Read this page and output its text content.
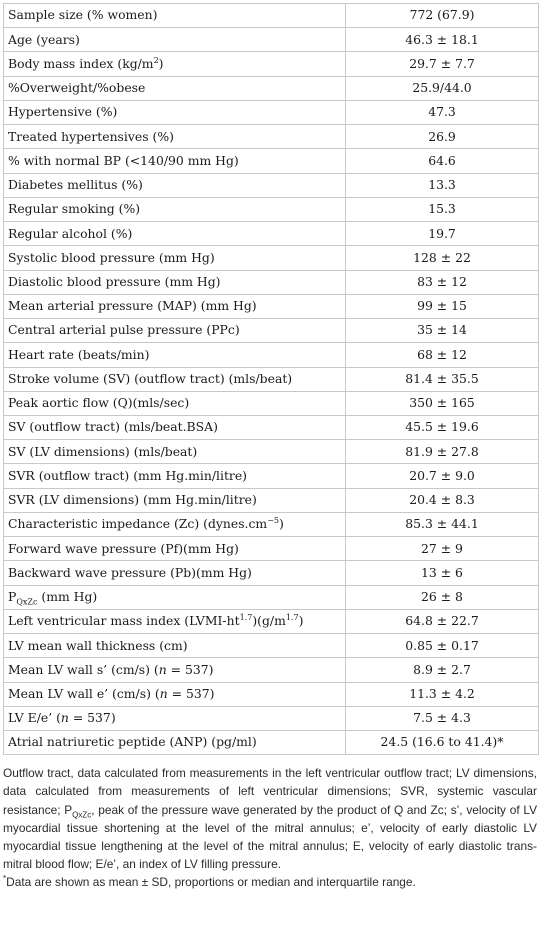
Sample size (% women)	772 (67.9)
Age (years)	46.3 ± 18.1
Body mass index $(kg/m^2)$	29.7 ± 7.7
%Overweight/%obese	25.9/44.0
Hypertensive (%)	47.3
Treated hypertensives (%)	26.9
% with normal BP (<140/90 mm Hg)	64.6
Diabetes mellitus (%)	13.3
Regular smoking (%)	15.3
Regular alcohol (%)	19.7
Systolic blood pressure (mm Hg)	128 ± 22
Diastolic blood pressure (mm Hg)	83 ± 12
Mean arterial pressure (MAP) (mm Hg)	99 ± 15
Central arterial pulse pressure (PPc)	35 ± 14
Heart rate (beats/min)	68 ± 12
Stroke volume (SV) (outflow tract) (mls/beat)	81.4 ± 35.5
Peak aortic flow (Q)(mls/sec)	350 ± 165
SV (outflow tract) (mls/beat.BSA)	45.5 ± 19.6
SV (LV dimensions) (mls/beat)	81.9 ± 27.8
SVR (outflow tract) (mm Hg.min/litre)	20.7 ± 9.0
SVR (LV dimensions) (mm Hg.min/litre)	20.4 ± 8.3
Characteristic impedance (Zc) $(dynes.cm^{-5})$	85.3 ± 44.1
Forward wave pressure (Pf)(mm Hg)	27 ± 9
Backward wave pressure (Pb)(mm Hg)	13 ± 6
$P_{QxZc}$ (mm Hg)	26 ± 8
Left ventricular mass index $(LVMI-ht^{1.7})(g/m^{1.7})$	64.8 ± 22.7
LV mean wall thickness (cm)	0.85 ± 0.17
Mean LV wall s’ (cm/s) (n = 537)	8.9 ± 2.7
Mean LV wall e’ (cm/s) (n = 537)	11.3 ± 4.2
LV E/e’ (n = 537)	7.5 ± 4.3
Atrial natriuretic peptide (ANP) (pg/ml)	24.5 (16.6 to 41.4)*

Outflow tract, data calculated from measurements in the left ventricular outflow tract; LV dimensions, data calculated from measurements of left ventricular dimensions; SVR, systemic vascular resistance; $P_{QxZc}$, peak of the pressure wave generated by the product of Q and Zc; s’, velocity of LV myocardial tissue shortening at the level of the mitral annulus; e’, velocity of early diastolic LV myocardial tissue lengthening at the level of the mitral annulus; E, velocity of early diastolic trans-mitral blood flow; E/e’, an index of LV filling pressure.

*Data are shown as mean ± SD, proportions or median and interquartile range.
